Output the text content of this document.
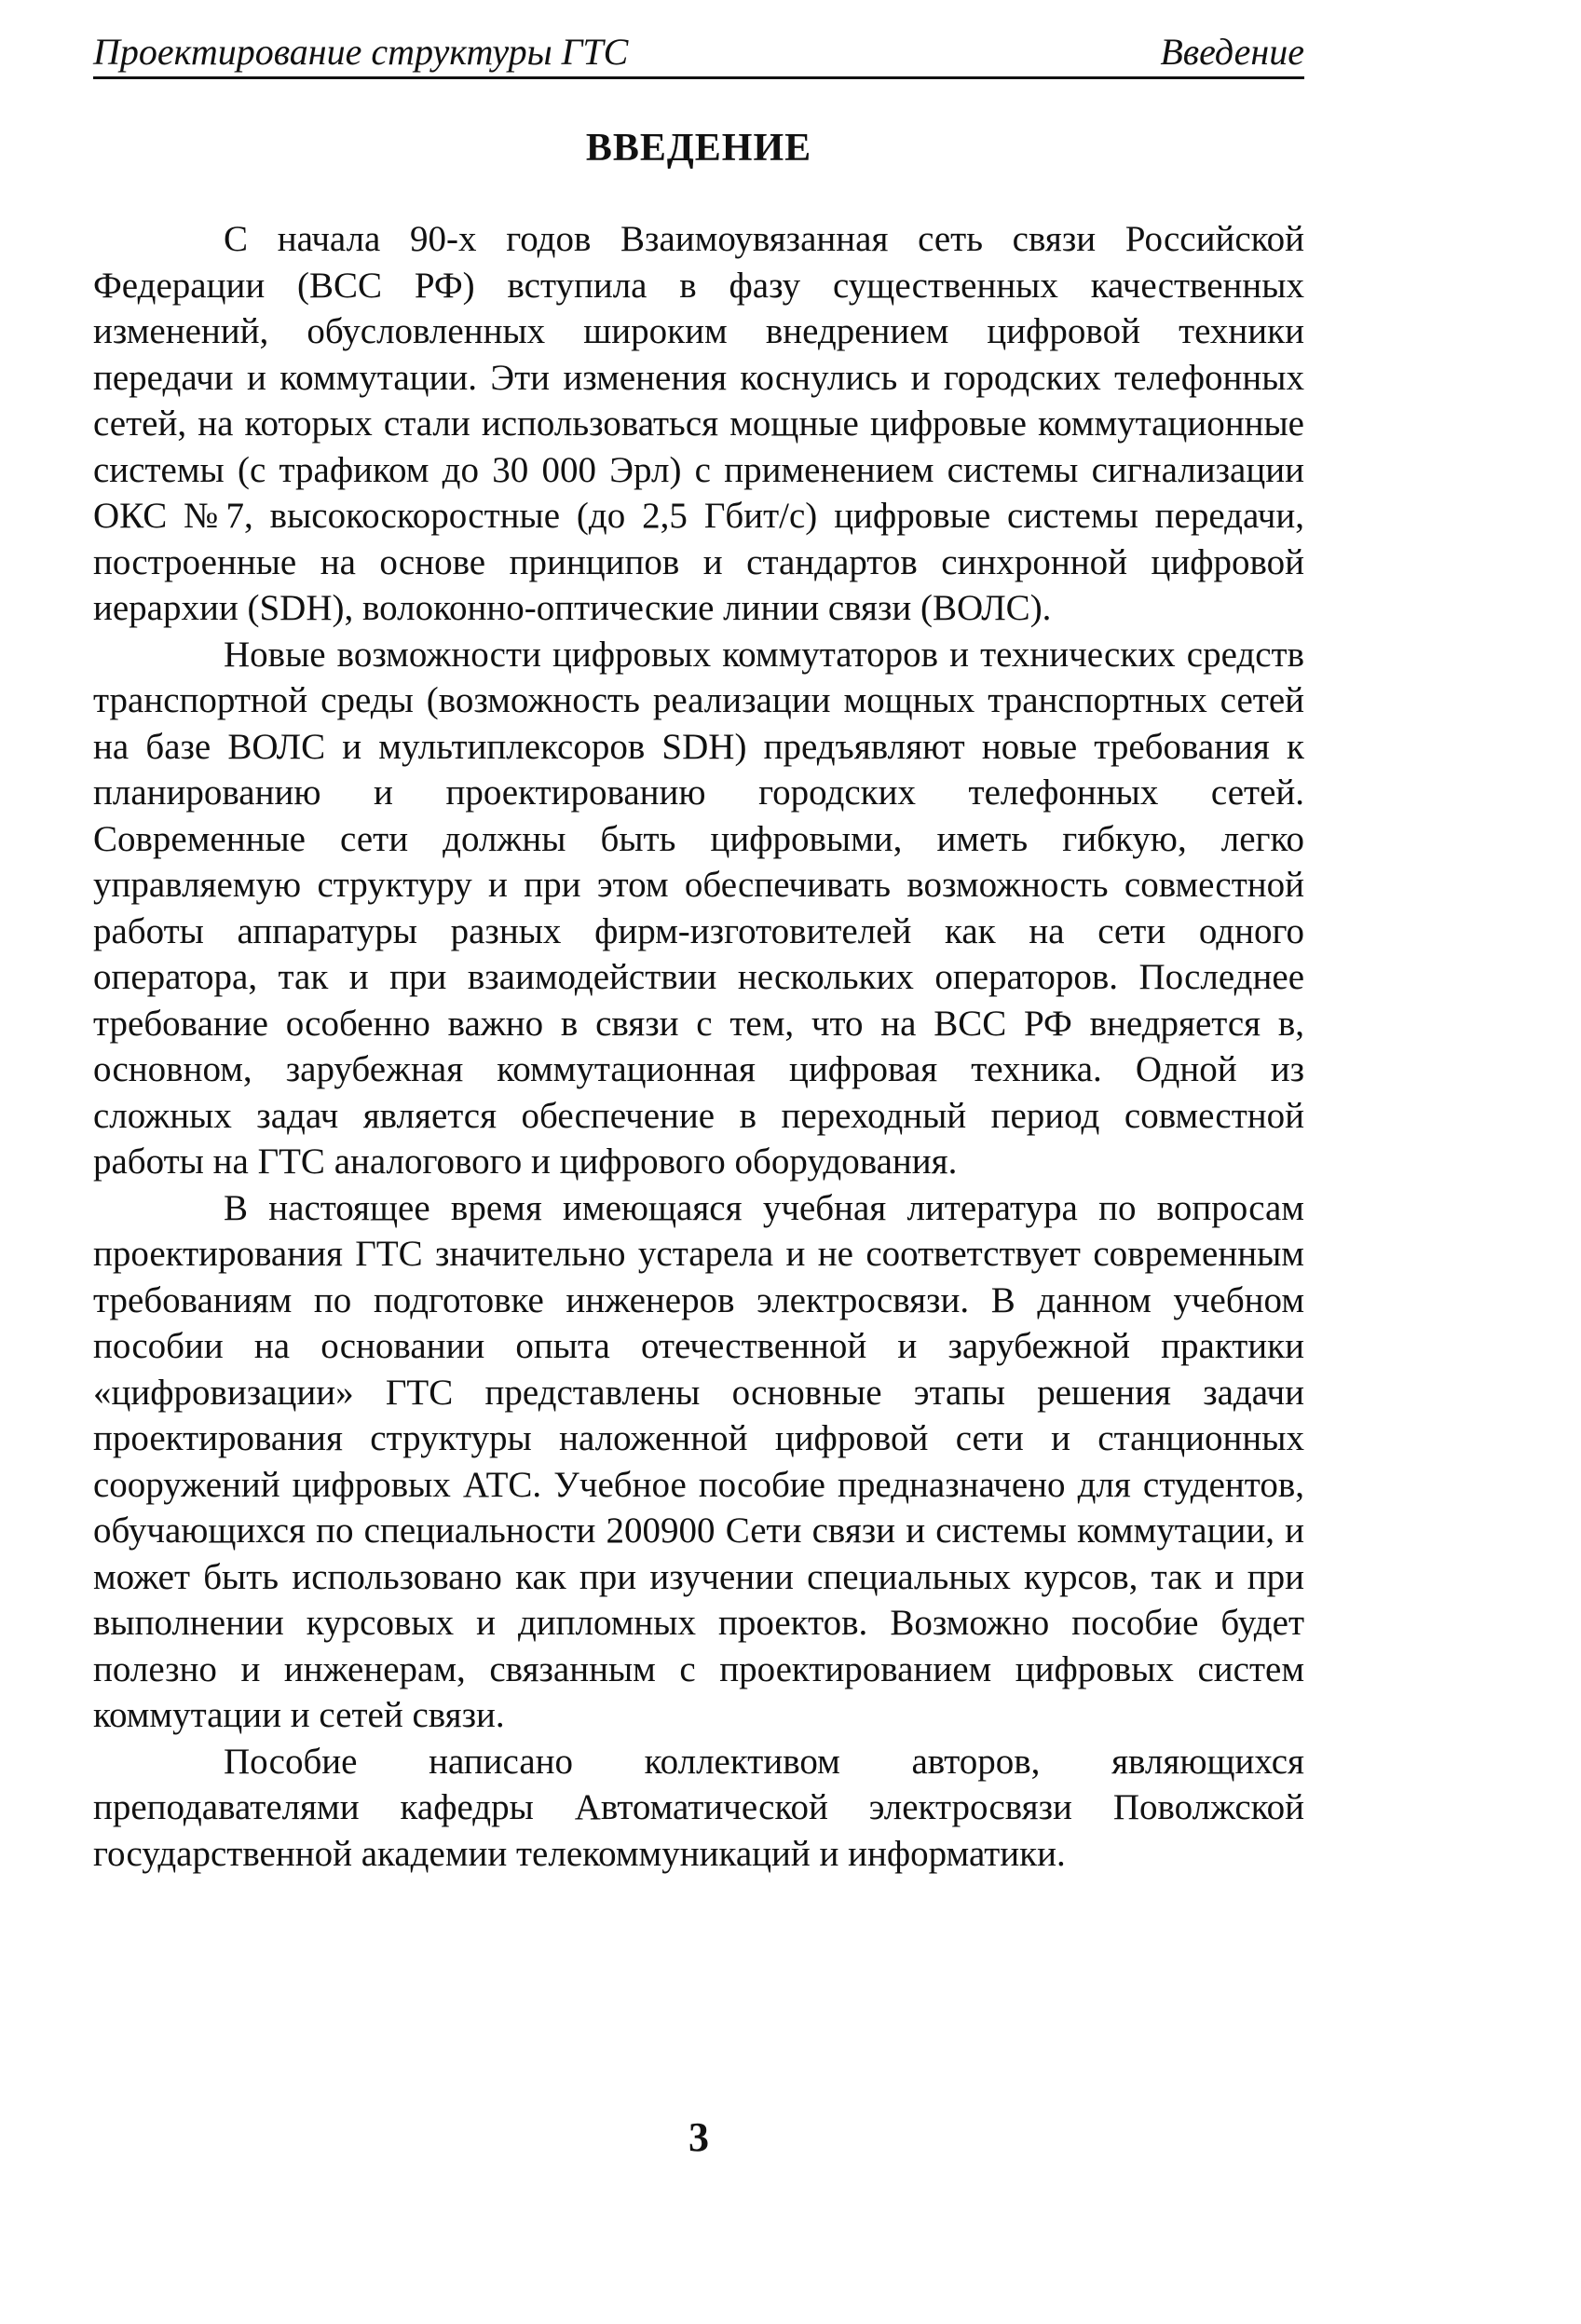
Проектирование структуры ГТС	Введение
ВВЕДЕНИЕ

С начала 90-х годов Взаимоувязанная сеть связи Российской Федерации (ВСС РФ) вступила в фазу существенных качественных изменений, обусловленных широким внедрением цифровой техники передачи и коммутации. Эти изменения коснулись и городских телефонных сетей, на которых стали использоваться мощные цифровые коммутационные системы (с трафиком до 30 000 Эрл) с применением системы сигнализации ОКС №7, высокоскоростные (до 2,5 Гбит/с) цифровые системы передачи, построенные на основе принципов и стандартов синхронной цифровой иерархии (SDH), волоконно-оптические линии связи (ВОЛС).

Новые возможности цифровых коммутаторов и технических средств транспортной среды (возможность реализации мощных транспортных сетей на базе ВОЛС и мультиплексоров SDH) предъявляют новые требования к планированию и проектированию городских телефонных сетей. Современные сети должны быть цифровыми, иметь гибкую, легко управляемую структуру и при этом обеспечивать возможность совместной работы аппаратуры разных фирм-изготовителей как на сети одного оператора, так и при взаимодействии нескольких операторов. Последнее требование особенно важно в связи с тем, что на ВСС РФ внедряется в, основном, зарубежная коммутационная цифровая техника. Одной из сложных задач является обеспечение в переходный период совместной работы на ГТС аналогового и цифрового оборудования.

В настоящее время имеющаяся учебная литература по вопросам проектирования ГТС значительно устарела и не соответствует современным требованиям по подготовке инженеров электросвязи. В данном учебном пособии на основании опыта отечественной и зарубежной практики «цифровизации» ГТС представлены основные этапы решения задачи проектирования структуры наложенной цифровой сети и станционных сооружений цифровых АТС. Учебное пособие предназначено для студентов, обучающихся по специальности 200900 Сети связи и системы коммутации, и может быть использовано как при изучении специальных курсов, так и при выполнении курсовых и дипломных проектов. Возможно пособие будет полезно и инженерам, связанным с проектированием цифровых систем коммутации и сетей связи.

Пособие написано коллективом авторов, являющихся преподавателями кафедры Автоматической электросвязи Поволжской государственной академии телекоммуникаций и информатики.

3
